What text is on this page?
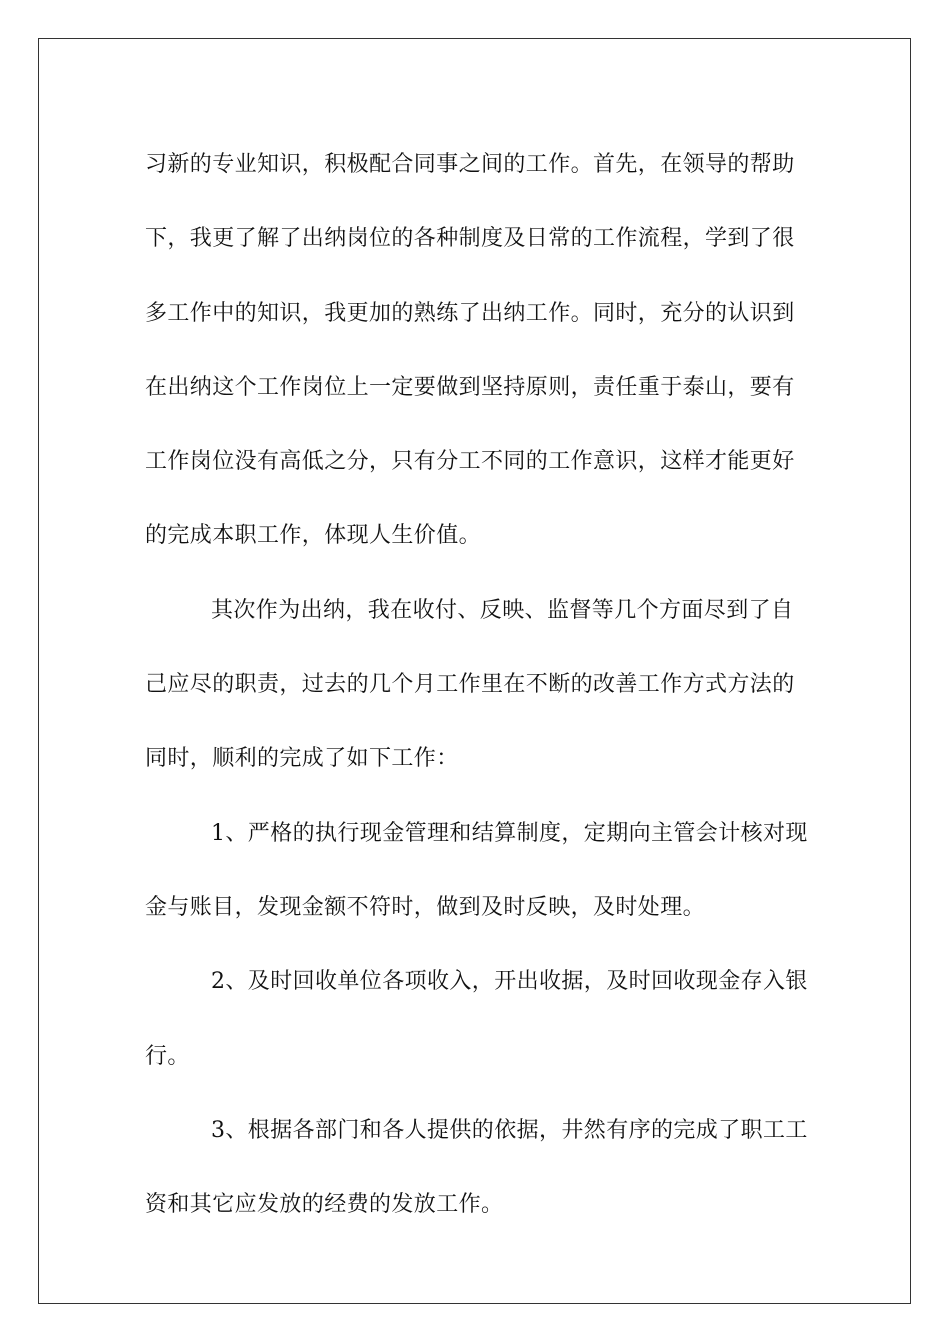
习新的专业知识，积极配合同事之间的工作。首先，在领导的帮助
下，我更了解了出纳岗位的各种制度及日常的工作流程，学到了很
多工作中的知识，我更加的熟练了出纳工作。同时，充分的认识到
在出纳这个工作岗位上一定要做到坚持原则，责任重于泰山，要有
工作岗位没有高低之分，只有分工不同的工作意识，这样才能更好
的完成本职工作，体现人生价值。
其次作为出纳，我在收付、反映、监督等几个方面尽到了自
己应尽的职责，过去的几个月工作里在不断的改善工作方式方法的
同时，顺利的完成了如下工作：
1、严格的执行现金管理和结算制度，定期向主管会计核对现
金与账目，发现金额不符时，做到及时反映，及时处理。
2、及时回收单位各项收入，开出收据，及时回收现金存入银
行。
3、根据各部门和各人提供的依据，井然有序的完成了职工工
资和其它应发放的经费的发放工作。
